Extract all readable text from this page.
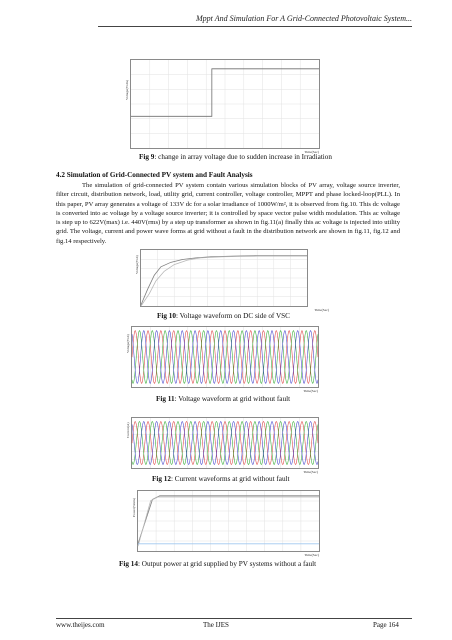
Mppt And Simulation For A Grid-Connected Photovoltaic System...
Voltage(Volts)
Time(Sec)
Fig 9: change in array voltage due to sudden increase in Irradiation
4.2 Simulation of Grid-Connected PV system and Fault Analysis

The simulation of grid-connected PV system contain various simulation blocks of PV array, voltage source inverter, filter circuit, distribution network, load, utility grid, current controller, voltage controller, MPPT and phase locked-loop(PLL). In this paper, PV array generates a voltage of 133V dc for a solar irradiance of 1000W/m², it is observed from fig.10. This dc voltage is converted into ac voltage by a voltage source inverter; it is controlled by space vector pulse width modulation. This ac voltage is step up to 622V(max) i.e. 440V(rms) by a step up transformer as shown in fig.11(a) finally this ac voltage is injected into utility grid. The voltage, current and power wave forms at grid without a fault in the distribution network are shown in fig.11, fig.12 and fig.14 respectively.

Voltage(Volt)
Time(Sec)
Fig 10: Voltage waveform on DC side of VSC
Voltage(Volt)
Time(Sec)
Fig 11: Voltage waveform at grid without fault
Current(A)
Time(Sec)
Fig 12: Current waveforms at grid without fault
Power(Watts)
Time(Sec)
Fig 14: Output power at grid supplied by PV systems without a fault
www.theijes.com	The IJES	Page 164
